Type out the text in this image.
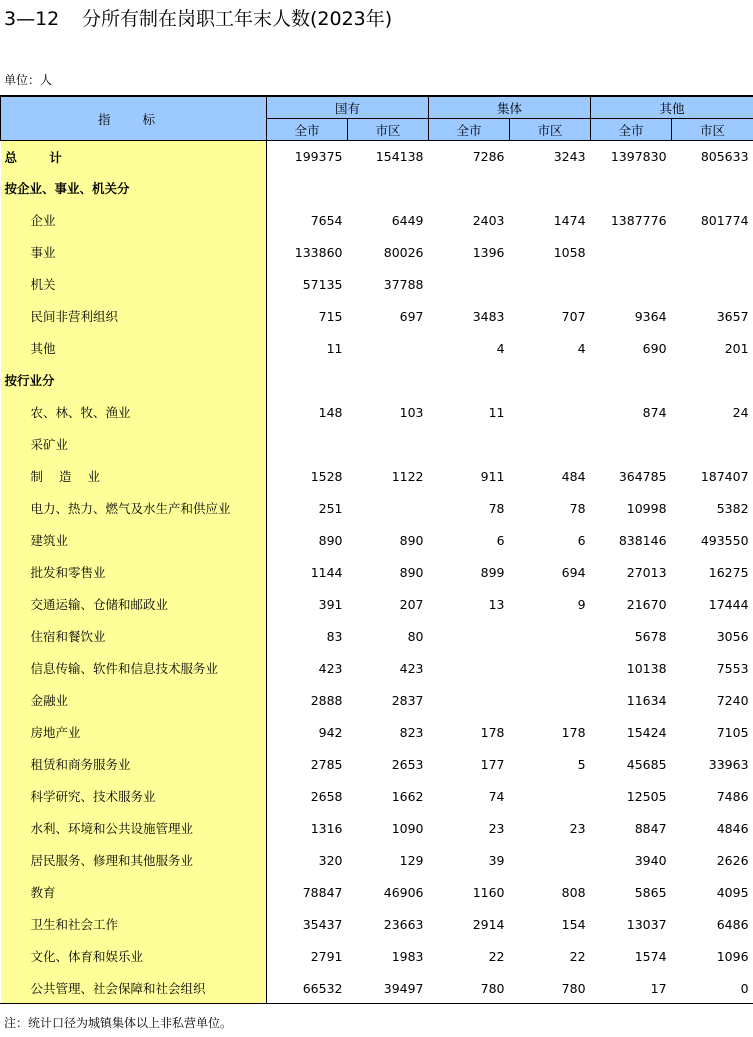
3—12 分所有制在岗职工年末人数(2023年)
单位：人
指 标	国有		集体		其他	
	全市	市区	全市	市区	全市	市区
总 计	199375	154138	7286	3243	1397830	805633
按企业、事业、机关分						
企业	7654	6449	2403	1474	1387776	801774
事业	133860	80026	1396	1058		
机关	57135	37788				
民间非营利组织	715	697	3483	707	9364	3657
其他	11		4	4	690	201
按行业分						
农、林、牧、渔业	148	103	11		874	24
采矿业						
制 造 业	1528	1122	911	484	364785	187407
电力、热力、燃气及水生产和供应业	251		78	78	10998	5382
建筑业	890	890	6	6	838146	493550
批发和零售业	1144	890	899	694	27013	16275
交通运输、仓储和邮政业	391	207	13	9	21670	17444
住宿和餐饮业	83	80			5678	3056
信息传输、软件和信息技术服务业	423	423			10138	7553
金融业	2888	2837			11634	7240
房地产业	942	823	178	178	15424	7105
租赁和商务服务业	2785	2653	177	5	45685	33963
科学研究、技术服务业	2658	1662	74		12505	7486
水利、环境和公共设施管理业	1316	1090	23	23	8847	4846
居民服务、修理和其他服务业	320	129	39		3940	2626
教育	78847	46906	1160	808	5865	4095
卫生和社会工作	35437	23663	2914	154	13037	6486
文化、体育和娱乐业	2791	1983	22	22	1574	1096
公共管理、社会保障和社会组织	66532	39497	780	780	17	0
注：统计口径为城镇集体以上非私营单位。
